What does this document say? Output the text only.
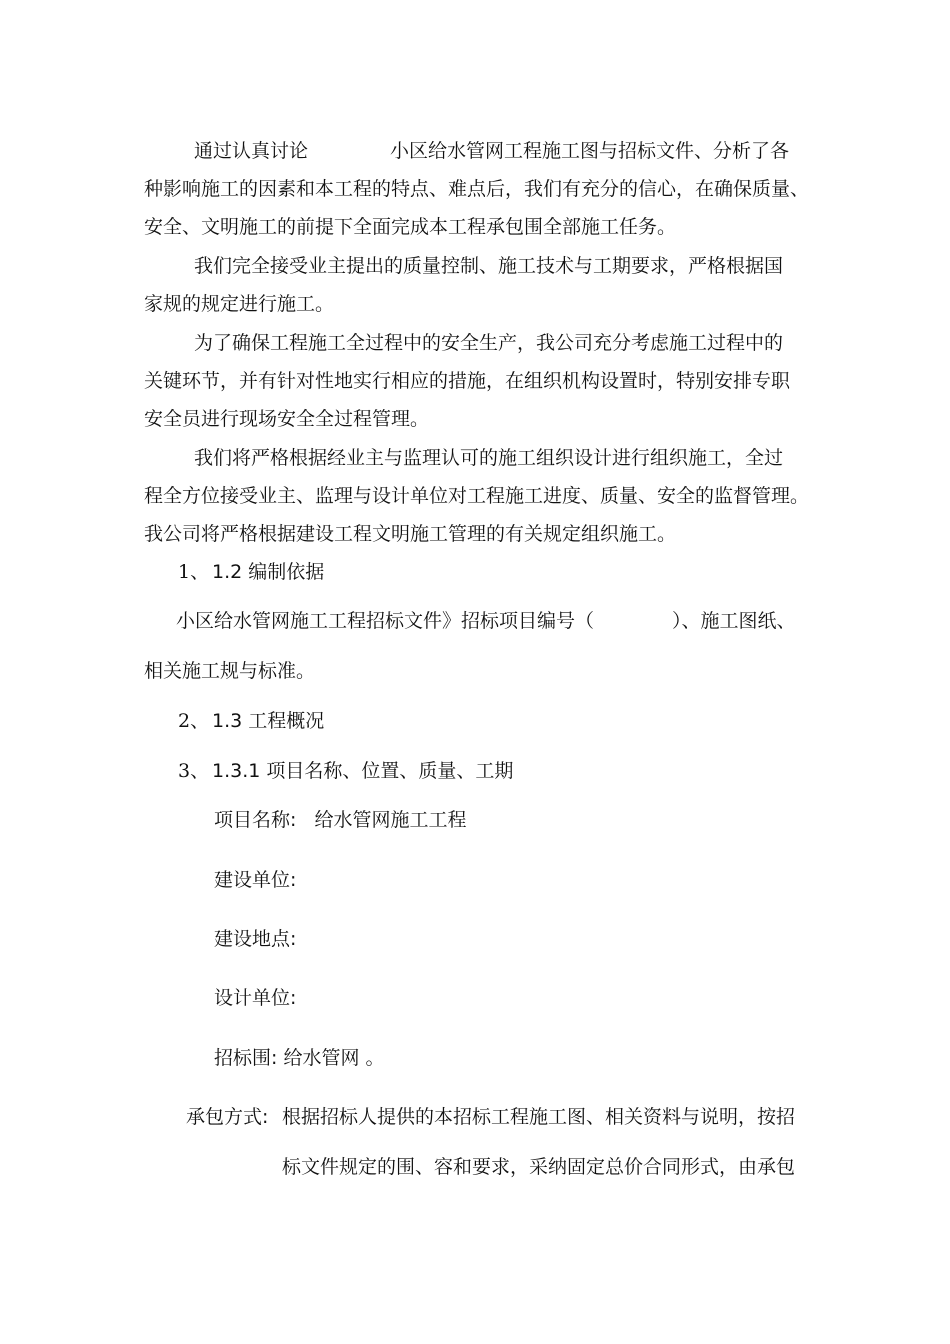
通过认真讨论	小区给水管网工程施工图与招标文件、分析了各
种影响施工的因素和本工程的特点、难点后，我们有充分的信心，在确保质量、
安全、文明施工的前提下全面完成本工程承包围全部施工任务。
我们完全接受业主提出的质量控制、施工技术与工期要求，严格根据国
家规的规定进行施工。
为了确保工程施工全过程中的安全生产，我公司充分考虑施工过程中的
关键环节，并有针对性地实行相应的措施，在组织机构设置时，特别安排专职
安全员进行现场安全全过程管理。
我们将严格根据经业主与监理认可的施工组织设计进行组织施工，全过
程全方位接受业主、监理与设计单位对工程施工进度、质量、安全的监督管理。
我公司将严格根据建设工程文明施工管理的有关规定组织施工。
1、 1.2 编制依据
小区给水管网施工工程招标文件》招标项目编号（	）、施工图纸、
相关施工规与标准。
2、 1.3 工程概况
3、 1.3.1 项目名称、位置、质量、工期
项目名称:   给水管网施工工程
建设单位:
建设地点:
设计单位:
招标围: 给水管网 。
承包方式: 根据招标人提供的本招标工程施工图、相关资料与说明，按招
标文件规定的围、容和要求，采纳固定总价合同形式，由承包
